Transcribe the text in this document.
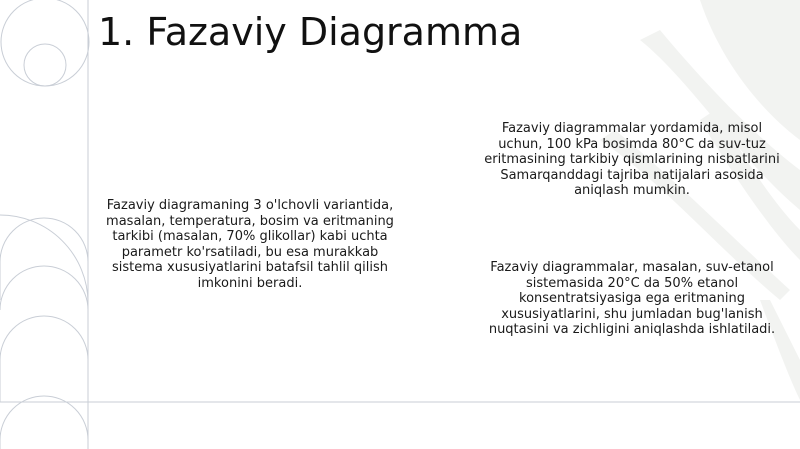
1. Fazaviy Diagramma

Fazaviy diagramaning 3 o'lchovli variantida,
masalan, temperatura, bosim va eritmaning
tarkibi (masalan, 70% glikollar) kabi uchta
parametr ko'rsatiladi, bu esa murakkab
sistema xususiyatlarini batafsil tahlil qilish
imkonini beradi.

Fazaviy diagrammalar yordamida, misol
uchun, 100 kPa bosimda 80°C da suv-tuz
eritmasining tarkibiy qismlarining nisbatlarini
Samarqanddagi tajriba natijalari asosida
aniqlash mumkin.

Fazaviy diagrammalar, masalan, suv-etanol
sistemasida 20°C da 50% etanol
konsentratsiyasiga ega eritmaning
xususiyatlarini, shu jumladan bug'lanish
nuqtasini va zichligini aniqlashda ishlatiladi.
